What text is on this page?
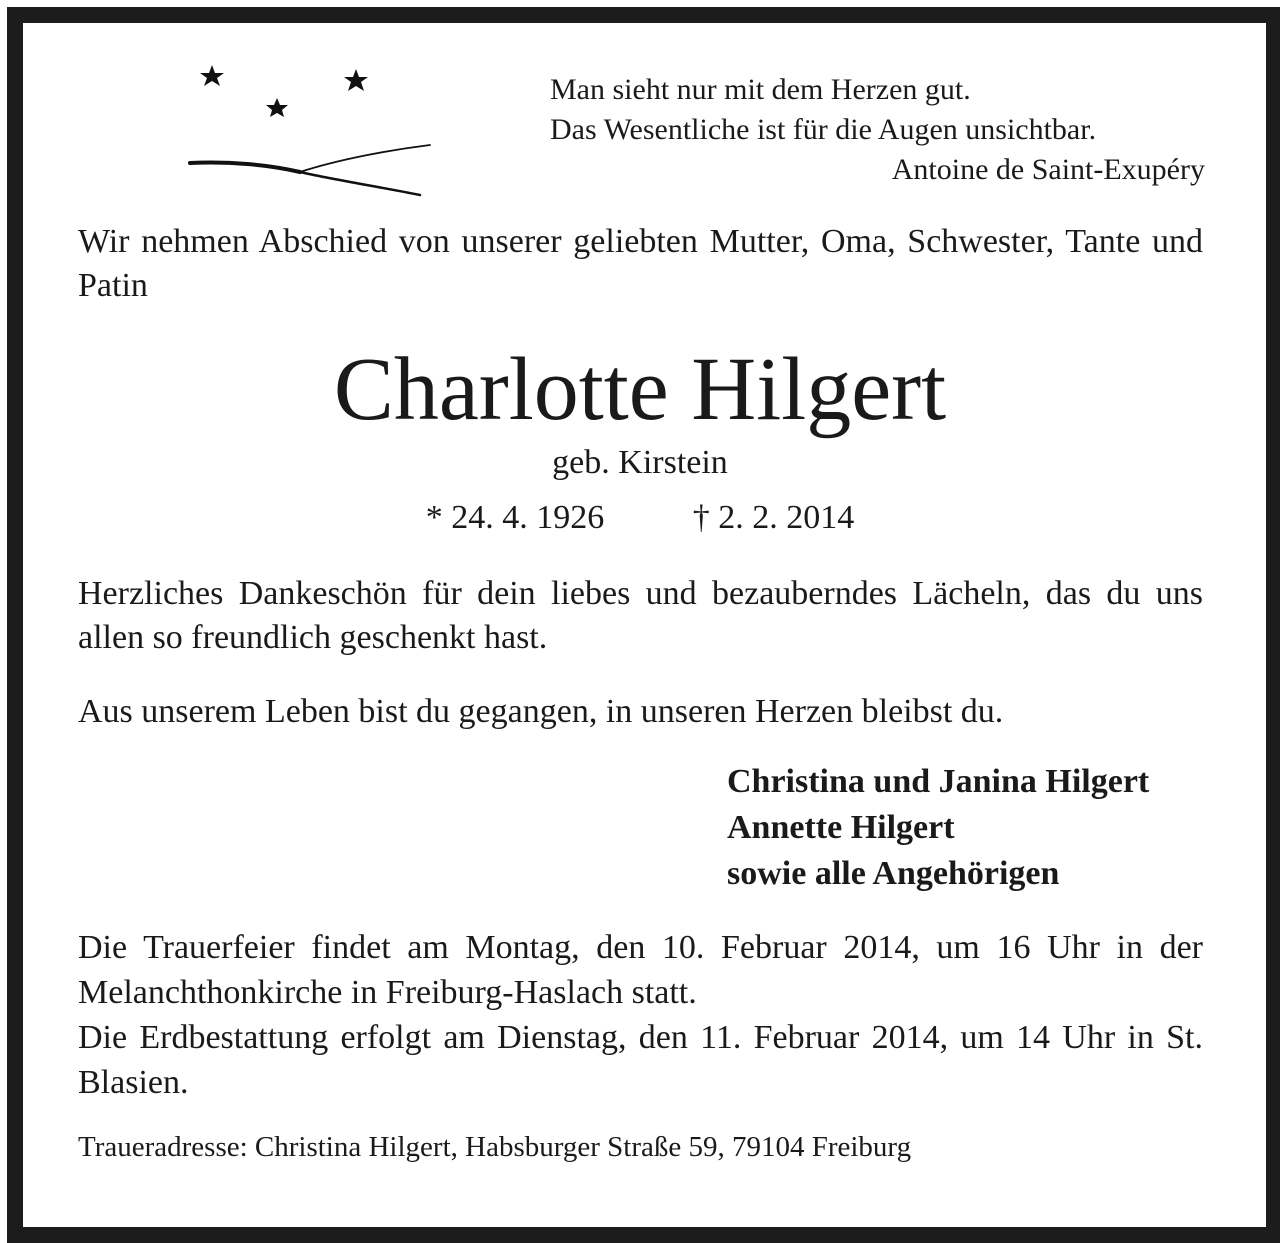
Man sieht nur mit dem Herzen gut.
Das Wesentliche ist für die Augen unsichtbar.
Antoine de Saint-Exupéry
Wir nehmen Abschied von unserer geliebten Mutter, Oma, Schwester, Tante und Patin
Charlotte Hilgert
geb. Kirstein
* 24. 4. 1926	† 2. 2. 2014
Herzliches Dankeschön für dein liebes und bezauberndes Lächeln, das du uns allen so freundlich geschenkt hast.
Aus unserem Leben bist du gegangen, in unseren Herzen bleibst du.
Christina und Janina Hilgert
Annette Hilgert
sowie alle Angehörigen
Die Trauerfeier findet am Montag, den 10. Februar 2014, um 16 Uhr in der Melanchthonkirche in Freiburg-Haslach statt.
Die Erdbestattung erfolgt am Dienstag, den 11. Februar 2014, um 14 Uhr in St. Blasien.
Traueradresse: Christina Hilgert, Habsburger Straße 59, 79104 Freiburg
